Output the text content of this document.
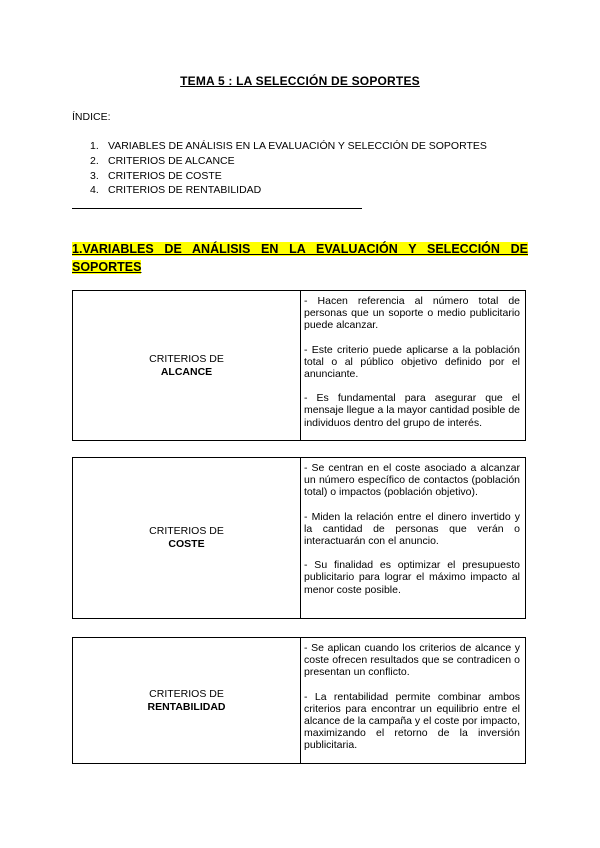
TEMA 5 : LA SELECCIÓN DE SOPORTES
ÍNDICE:
1. VARIABLES DE ANÁLISIS EN LA EVALUACIÓN Y SELECCIÓN DE SOPORTES
2. CRITERIOS DE ALCANCE
3. CRITERIOS DE COSTE
4. CRITERIOS DE RENTABILIDAD
1.VARIABLES DE ANÁLISIS EN LA EVALUACIÓN Y SELECCIÓN DE SOPORTES
CRITERIOS DE
ALCANCE

- Hacen referencia al número total de personas que un soporte o medio publicitario puede alcanzar.

- Este criterio puede aplicarse a la población total o al público objetivo definido por el anunciante.

- Es fundamental para asegurar que el mensaje llegue a la mayor cantidad posible de individuos dentro del grupo de interés.

CRITERIOS DE
COSTE

- Se centran en el coste asociado a alcanzar un número específico de contactos (población total) o impactos (población objetivo).

- Miden la relación entre el dinero invertido y la cantidad de personas que verán o interactuarán con el anuncio.

- Su finalidad es optimizar el presupuesto publicitario para lograr el máximo impacto al menor coste posible.

CRITERIOS DE
RENTABILIDAD

- Se aplican cuando los criterios de alcance y coste ofrecen resultados que se contradicen o presentan un conflicto.

- La rentabilidad permite combinar ambos criterios para encontrar un equilibrio entre el alcance de la campaña y el coste por impacto, maximizando el retorno de la inversión publicitaria.
